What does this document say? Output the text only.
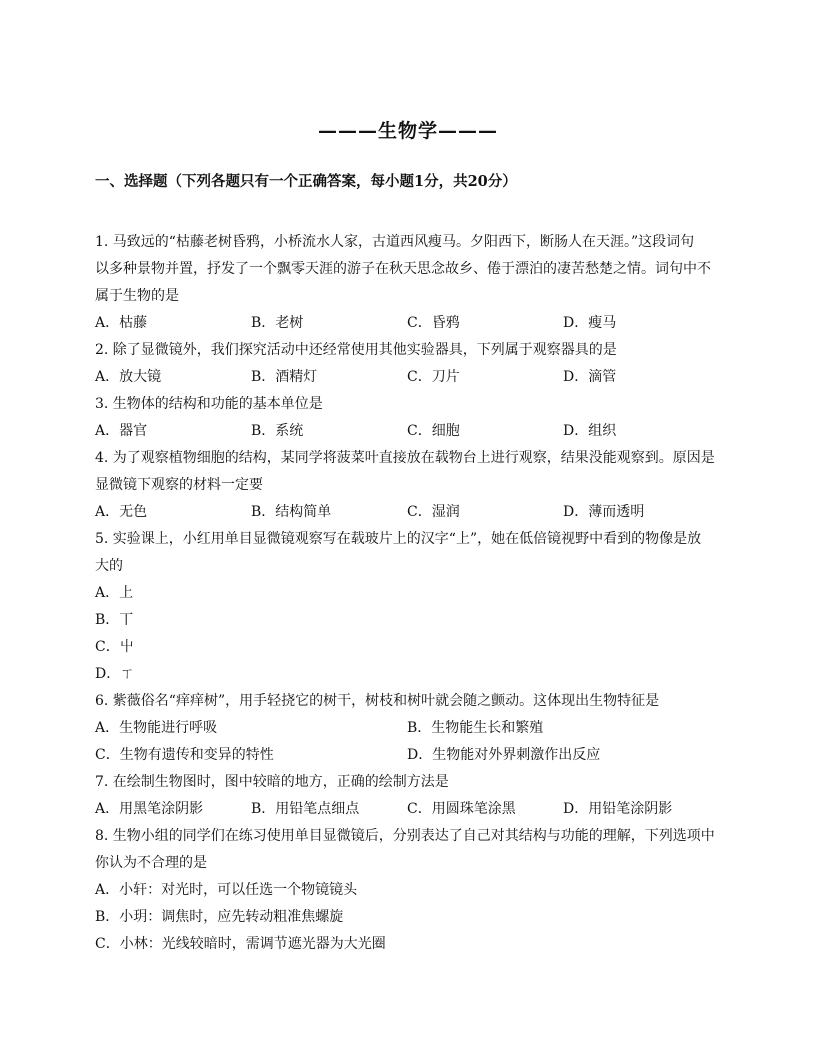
———生物学———
一、选择题（下列各题只有一个正确答案，每小题1分，共20分）
1. 马致远的“枯藤老树昏鸦，小桥流水人家，古道西风瘦马。夕阳西下，断肠人在天涯。”这段词句
以多种景物并置，抒发了一个飘零天涯的游子在秋天思念故乡、倦于漂泊的凄苦愁楚之情。词句中不
属于生物的是
A．枯藤	B．老树	C．昏鸦	D．瘦马
2. 除了显微镜外，我们探究活动中还经常使用其他实验器具，下列属于观察器具的是
A．放大镜	B．酒精灯	C．刀片	D．滴管
3. 生物体的结构和功能的基本单位是
A．器官	B．系统	C．细胞	D．组织
4. 为了观察植物细胞的结构，某同学将菠菜叶直接放在载物台上进行观察，结果没能观察到。原因是
显微镜下观察的材料一定要
A．无色	B．结构简单	C．湿润	D．薄而透明
5. 实验课上，小红用单目显微镜观察写在载玻片上的汉字“上”，她在低倍镜视野中看到的物像是放
大的
A．上
B．丅
C．屮
D．ㄒ
6. 紫薇俗名“痒痒树”，用手轻挠它的树干，树枝和树叶就会随之颤动。这体现出生物特征是
A．生物能进行呼吸	B．生物能生长和繁殖
C．生物有遗传和变异的特性	D．生物能对外界刺激作出反应
7. 在绘制生物图时，图中较暗的地方，正确的绘制方法是
A．用黑笔涂阴影	B．用铅笔点细点	C．用圆珠笔涂黑	D．用铅笔涂阴影
8. 生物小组的同学们在练习使用单目显微镜后，分别表达了自己对其结构与功能的理解，下列选项中
你认为不合理的是
A．小轩：对光时，可以任选一个物镜镜头
B．小玥：调焦时，应先转动粗准焦螺旋
C．小林：光线较暗时，需调节遮光器为大光圈
